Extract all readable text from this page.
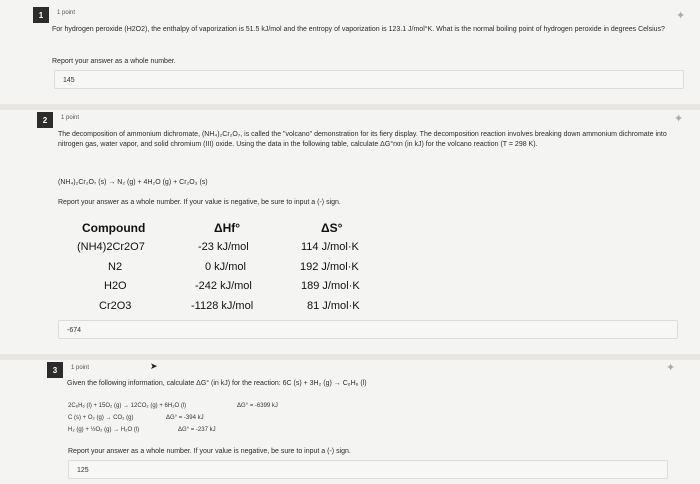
1	1 point	✦
For hydrogen peroxide (H2O2), the enthalpy of vaporization is 51.5 kJ/mol and the entropy of vaporization is 123.1 J/mol°K. What is the normal boiling point of hydrogen peroxide in degrees Celsius?
Report your answer as a whole number.
145
2	1 point	✦
The decomposition of ammonium dichromate, (NH₄)₂Cr₂O₇, is called the "volcano" demonstration for its fiery display. The decomposition reaction involves breaking down ammonium dichromate into nitrogen gas, water vapor, and solid chromium (III) oxide. Using the data in the following table, calculate ΔG°rxn (in kJ) for the volcano reaction (T = 298 K).
(NH₄)₂Cr₂O₇ (s) → N₂ (g) + 4H₂O (g) + Cr₂O₃ (s)
Report your answer as a whole number. If your value is negative, be sure to input a (-) sign.
Compound	ΔHf°	ΔS°
(NH4)2Cr2O7	-23 kJ/mol	114 J/mol·K
N2	0 kJ/mol	192 J/mol·K
H2O	-242 kJ/mol	189 J/mol·K
Cr2O3	-1128 kJ/mol	81 J/mol·K
-674
3	1 point	✦
➤
Given the following information, calculate ΔG° (in kJ) for the reaction: 6C (s) + 3H₂ (g) → C₆H₆ (l)
2C₆H₆ (l) + 15O₂ (g) → 12CO₂ (g) + 6H₂O (l)	ΔG° = -6399 kJ
C (s) + O₂ (g) → CO₂ (g)	ΔG° = -394 kJ
H₂ (g) + ½O₂ (g) → H₂O (l)	ΔG° = -237 kJ
Report your answer as a whole number. If your value is negative, be sure to input a (-) sign.
125
